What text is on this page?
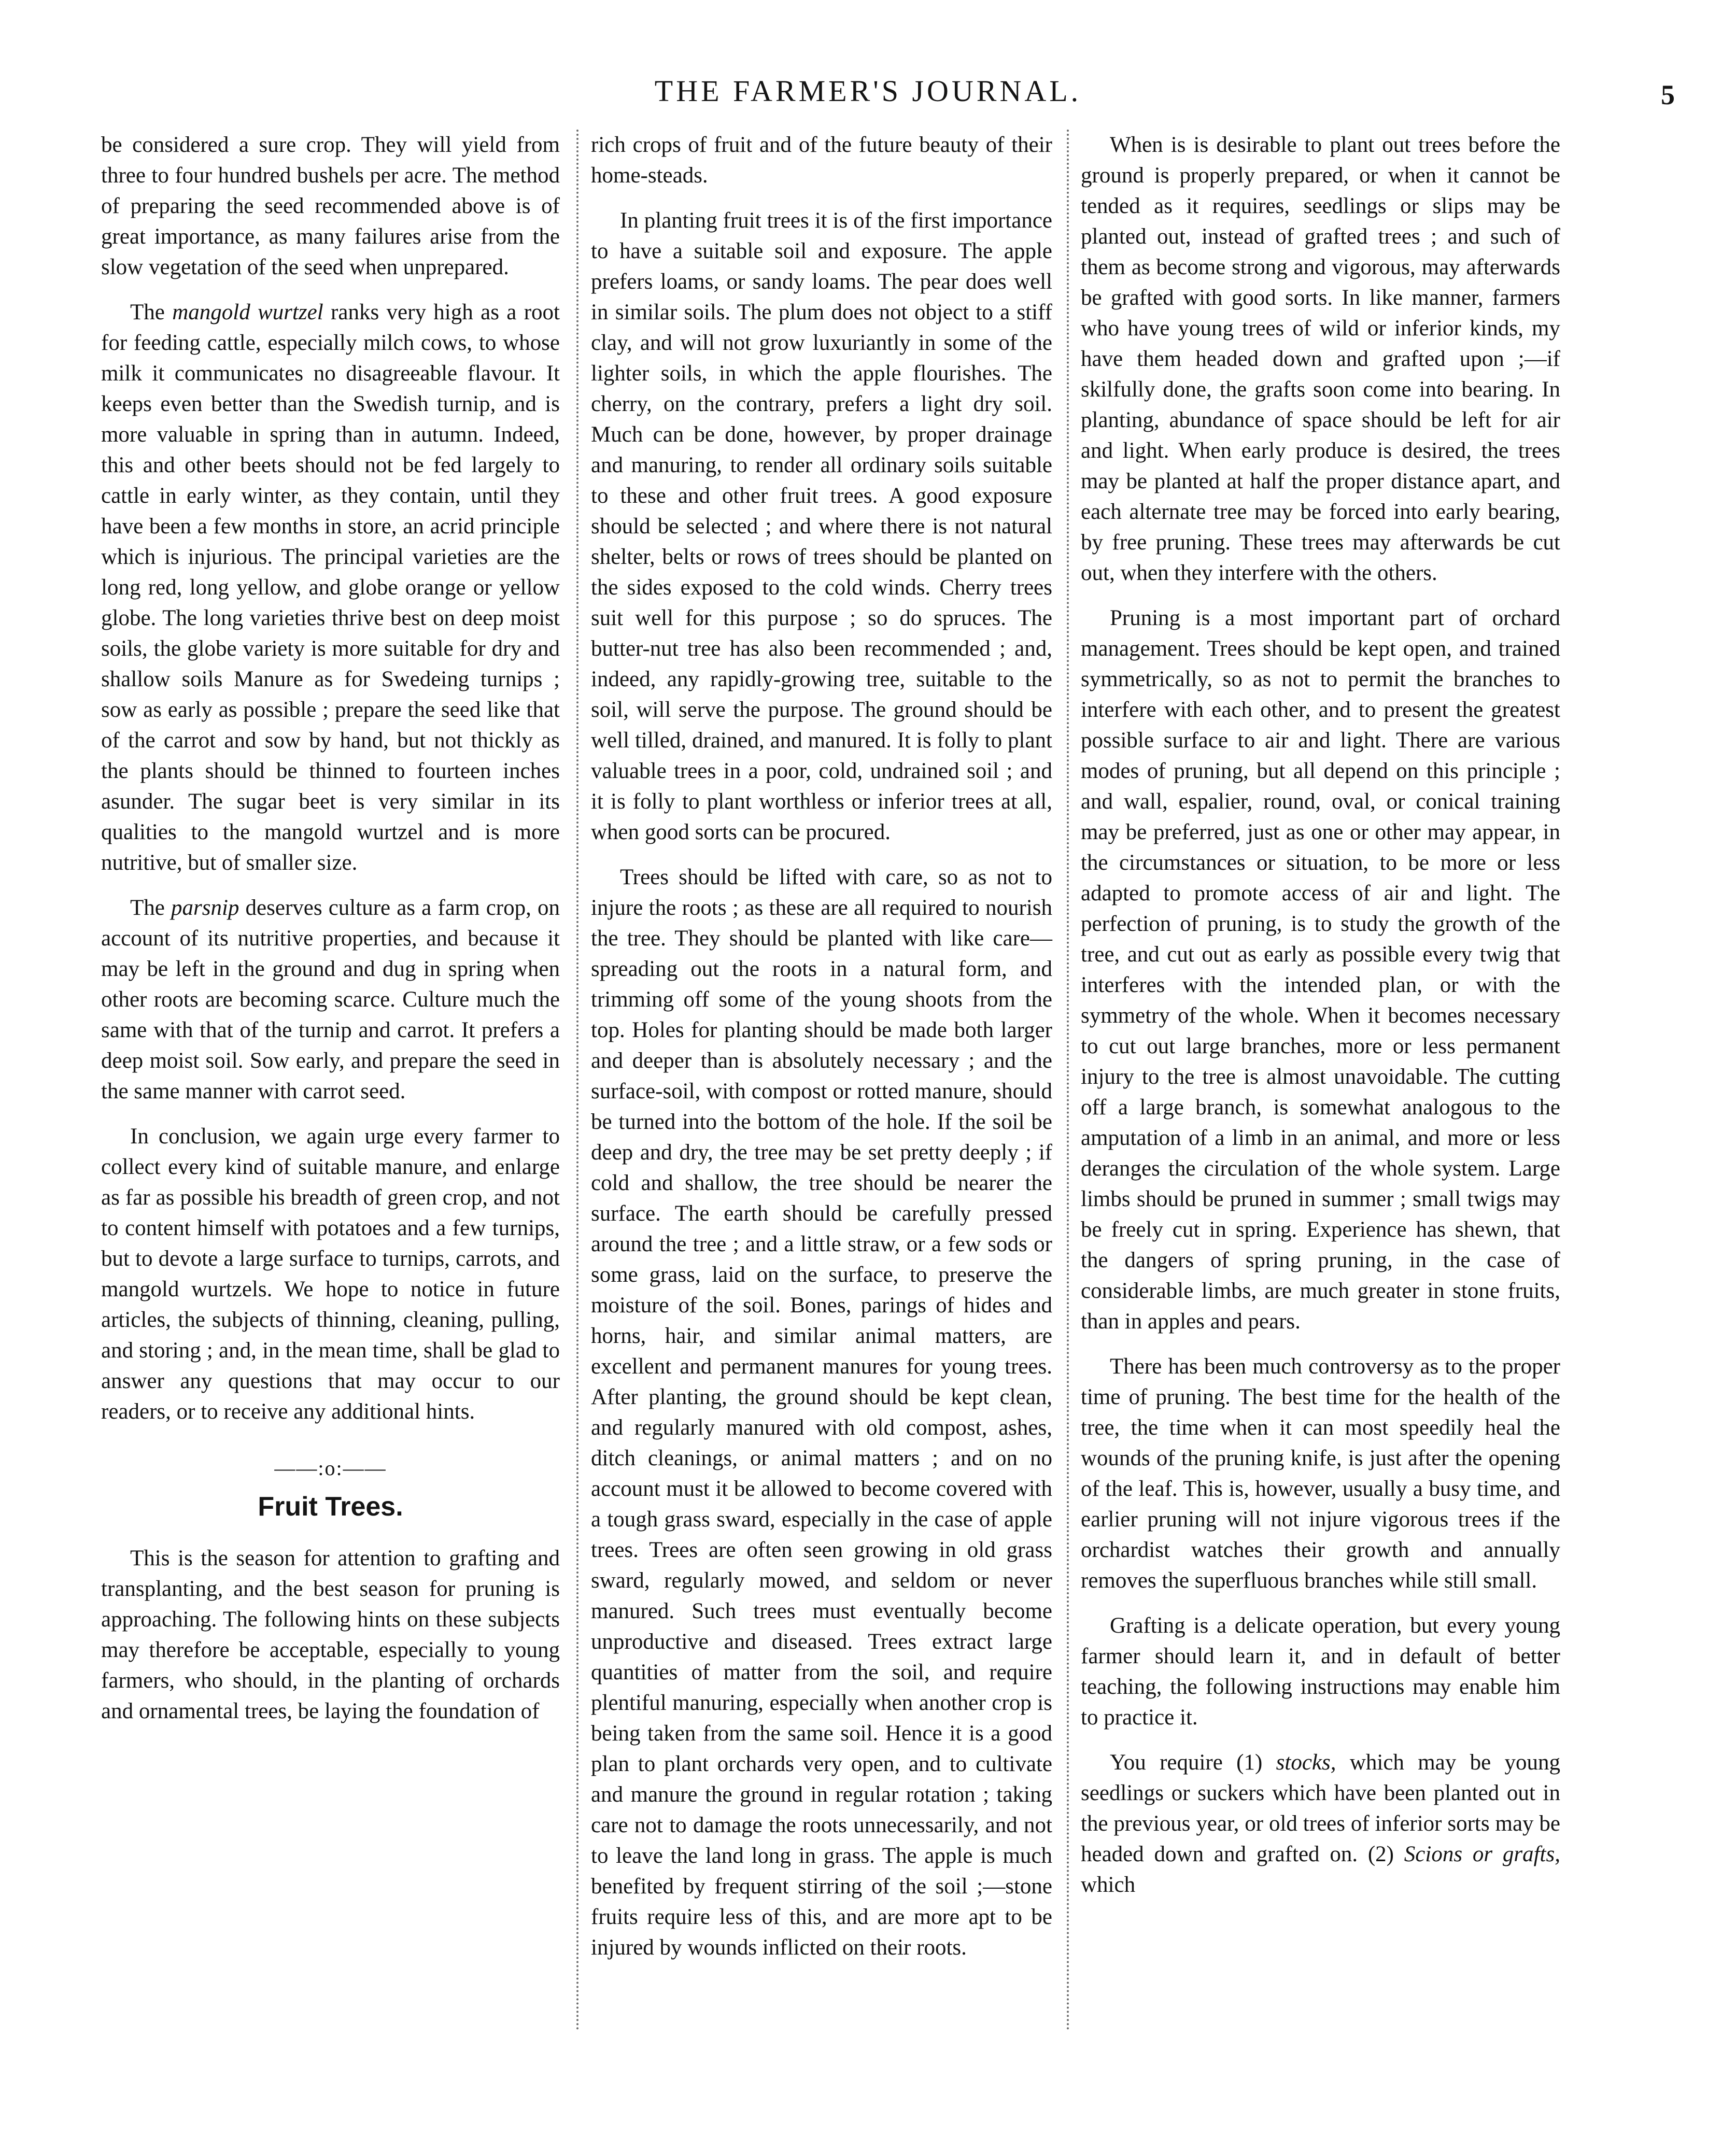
THE FARMER'S JOURNAL.	5

be considered a sure crop. They will yield from three to four hundred bushels per acre. The method of preparing the seed recommended above is of great importance, as many failures arise from the slow vegetation of the seed when unprepared.

The mangold wurtzel ranks very high as a root for feeding cattle, especially milch cows, to whose milk it communicates no disagreeable flavour. It keeps even better than the Swedish turnip, and is more valuable in spring than in autumn. Indeed, this and other beets should not be fed largely to cattle in early winter, as they contain, until they have been a few months in store, an acrid principle which is injurious. The principal varieties are the long red, long yellow, and globe orange or yellow globe. The long varieties thrive best on deep moist soils, the globe variety is more suitable for dry and shallow soils Manure as for Swedeing turnips ; sow as early as possible ; prepare the seed like that of the carrot and sow by hand, but not thickly as the plants should be thinned to fourteen inches asunder. The sugar beet is very similar in its qualities to the mangold wurtzel and is more nutritive, but of smaller size.

The parsnip deserves culture as a farm crop, on account of its nutritive properties, and because it may be left in the ground and dug in spring when other roots are becoming scarce. Culture much the same with that of the turnip and carrot. It prefers a deep moist soil. Sow early, and prepare the seed in the same manner with carrot seed.

In conclusion, we again urge every farmer to collect every kind of suitable manure, and enlarge as far as possible his breadth of green crop, and not to content himself with potatoes and a few turnips, but to devote a large surface to turnips, carrots, and mangold wurtzels. We hope to notice in future articles, the subjects of thinning, cleaning, pulling, and storing ; and, in the mean time, shall be glad to answer any questions that may occur to our readers, or to receive any additional hints.

——:o:——
Fruit Trees.

This is the season for attention to grafting and transplanting, and the best season for pruning is approaching. The following hints on these subjects may therefore be acceptable, especially to young farmers, who should, in the planting of orchards and ornamental trees, be laying the foundation of

rich crops of fruit and of the future beauty of their home-steads.

In planting fruit trees it is of the first importance to have a suitable soil and exposure. The apple prefers loams, or sandy loams. The pear does well in similar soils. The plum does not object to a stiff clay, and will not grow luxuriantly in some of the lighter soils, in which the apple flourishes. The cherry, on the contrary, prefers a light dry soil. Much can be done, however, by proper drainage and manuring, to render all ordinary soils suitable to these and other fruit trees. A good exposure should be selected ; and where there is not natural shelter, belts or rows of trees should be planted on the sides exposed to the cold winds. Cherry trees suit well for this purpose ; so do spruces. The butter-nut tree has also been recommended ; and, indeed, any rapidly-growing tree, suitable to the soil, will serve the purpose. The ground should be well tilled, drained, and manured. It is folly to plant valuable trees in a poor, cold, undrained soil ; and it is folly to plant worthless or inferior trees at all, when good sorts can be procured.

Trees should be lifted with care, so as not to injure the roots ; as these are all required to nourish the tree. They should be planted with like care—spreading out the roots in a natural form, and trimming off some of the young shoots from the top. Holes for planting should be made both larger and deeper than is absolutely necessary ; and the surface-soil, with compost or rotted manure, should be turned into the bottom of the hole. If the soil be deep and dry, the tree may be set pretty deeply ; if cold and shallow, the tree should be nearer the surface. The earth should be carefully pressed around the tree ; and a little straw, or a few sods or some grass, laid on the surface, to preserve the moisture of the soil. Bones, parings of hides and horns, hair, and similar animal matters, are excellent and permanent manures for young trees. After planting, the ground should be kept clean, and regularly manured with old compost, ashes, ditch cleanings, or animal matters ; and on no account must it be allowed to become covered with a tough grass sward, especially in the case of apple trees. Trees are often seen growing in old grass sward, regularly mowed, and seldom or never manured. Such trees must eventually become unproductive and diseased. Trees extract large quantities of matter from the soil, and require plentiful manuring, especially when another crop is being taken from the same soil. Hence it is a good plan to plant orchards very open, and to cultivate and manure the ground in regular rotation ; taking care not to damage the roots unnecessarily, and not to leave the land long in grass. The apple is much benefited by frequent stirring of the soil ;—stone fruits require less of this, and are more apt to be injured by wounds inflicted on their roots.

When is is desirable to plant out trees before the ground is properly prepared, or when it cannot be tended as it requires, seedlings or slips may be planted out, instead of grafted trees ; and such of them as become strong and vigorous, may afterwards be grafted with good sorts. In like manner, farmers who have young trees of wild or inferior kinds, my have them headed down and grafted upon ;—if skilfully done, the grafts soon come into bearing. In planting, abundance of space should be left for air and light. When early produce is desired, the trees may be planted at half the proper distance apart, and each alternate tree may be forced into early bearing, by free pruning. These trees may afterwards be cut out, when they interfere with the others.

Pruning is a most important part of orchard management. Trees should be kept open, and trained symmetrically, so as not to permit the branches to interfere with each other, and to present the greatest possible surface to air and light. There are various modes of pruning, but all depend on this principle ; and wall, espalier, round, oval, or conical training may be preferred, just as one or other may appear, in the circumstances or situation, to be more or less adapted to promote access of air and light. The perfection of pruning, is to study the growth of the tree, and cut out as early as possible every twig that interferes with the intended plan, or with the symmetry of the whole. When it becomes necessary to cut out large branches, more or less permanent injury to the tree is almost unavoidable. The cutting off a large branch, is somewhat analogous to the amputation of a limb in an animal, and more or less deranges the circulation of the whole system. Large limbs should be pruned in summer ; small twigs may be freely cut in spring. Experience has shewn, that the dangers of spring pruning, in the case of considerable limbs, are much greater in stone fruits, than in apples and pears.

There has been much controversy as to the proper time of pruning. The best time for the health of the tree, the time when it can most speedily heal the wounds of the pruning knife, is just after the opening of the leaf. This is, however, usually a busy time, and earlier pruning will not injure vigorous trees if the orchardist watches their growth and annually removes the superfluous branches while still small.

Grafting is a delicate operation, but every young farmer should learn it, and in default of better teaching, the following instructions may enable him to practice it.

You require (1) stocks, which may be young seedlings or suckers which have been planted out in the previous year, or old trees of inferior sorts may be headed down and grafted on. (2) Scions or grafts, which
